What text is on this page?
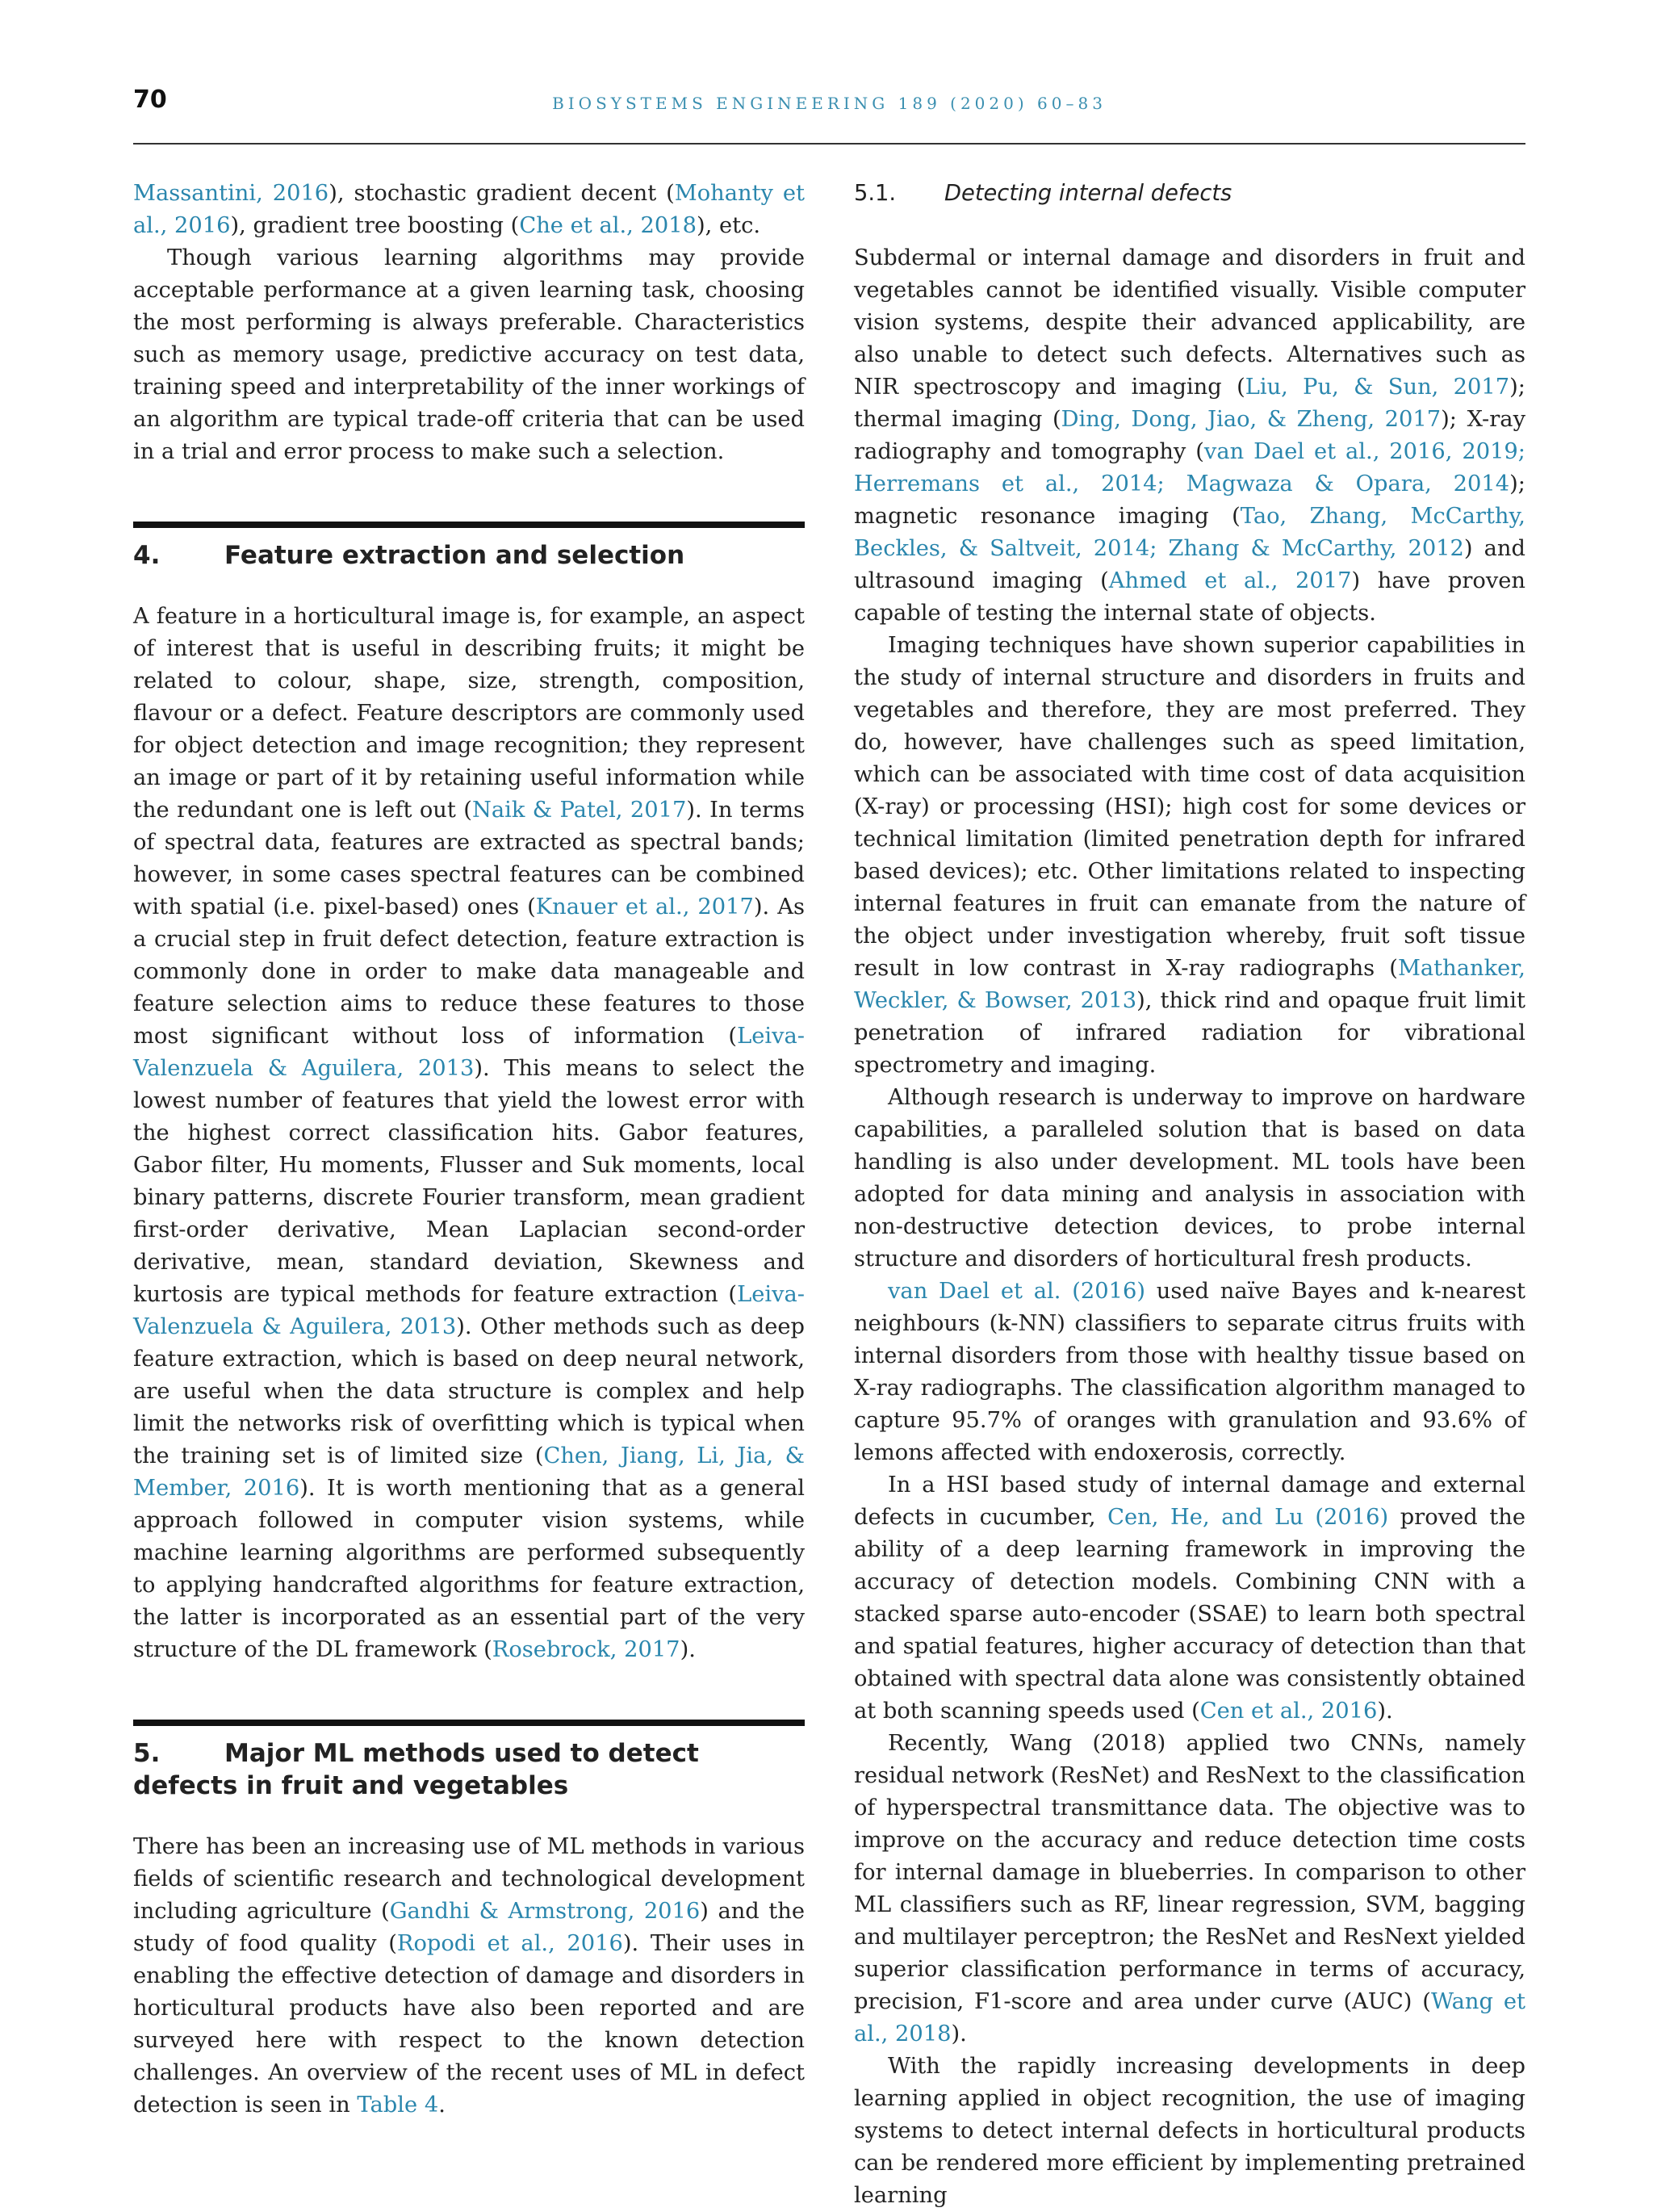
70	BIOSYSTEMS ENGINEERING 189 (2020) 60–83

Massantini, 2016), stochastic gradient decent (Mohanty et al., 2016), gradient tree boosting (Che et al., 2018), etc.

Though various learning algorithms may provide acceptable performance at a given learning task, choosing the most performing is always preferable. Characteristics such as memory usage, predictive accuracy on test data, training speed and interpretability of the inner workings of an algorithm are typical trade-off criteria that can be used in a trial and error process to make such a selection.

4.	Feature extraction and selection

A feature in a horticultural image is, for example, an aspect of interest that is useful in describing fruits; it might be related to colour, shape, size, strength, composition, flavour or a defect. Feature descriptors are commonly used for object detection and image recognition; they represent an image or part of it by retaining useful information while the redundant one is left out (Naik & Patel, 2017). In terms of spectral data, features are extracted as spectral bands; however, in some cases spectral features can be combined with spatial (i.e. pixel-based) ones (Knauer et al., 2017). As a crucial step in fruit defect detection, feature extraction is commonly done in order to make data manageable and feature selection aims to reduce these features to those most significant without loss of information (Leiva-Valenzuela & Aguilera, 2013). This means to select the lowest number of features that yield the lowest error with the highest correct classification hits. Gabor features, Gabor filter, Hu moments, Flusser and Suk moments, local binary patterns, discrete Fourier transform, mean gradient first-order derivative, Mean Laplacian second-order derivative, mean, standard deviation, Skewness and kurtosis are typical methods for feature extraction (Leiva-Valenzuela & Aguilera, 2013). Other methods such as deep feature extraction, which is based on deep neural network, are useful when the data structure is complex and help limit the networks risk of overfitting which is typical when the training set is of limited size (Chen, Jiang, Li, Jia, & Member, 2016). It is worth mentioning that as a general approach followed in computer vision systems, while machine learning algorithms are performed subsequently to applying handcrafted algorithms for feature extraction, the latter is incorporated as an essential part of the very structure of the DL framework (Rosebrock, 2017).

5.	Major ML methods used to detect defects in fruit and vegetables

There has been an increasing use of ML methods in various fields of scientific research and technological development including agriculture (Gandhi & Armstrong, 2016) and the study of food quality (Ropodi et al., 2016). Their uses in enabling the effective detection of damage and disorders in horticultural products have also been reported and are surveyed here with respect to the known detection challenges. An overview of the recent uses of ML in defect detection is seen in Table 4.

5.1.	Detecting internal defects

Subdermal or internal damage and disorders in fruit and vegetables cannot be identified visually. Visible computer vision systems, despite their advanced applicability, are also unable to detect such defects. Alternatives such as NIR spectroscopy and imaging (Liu, Pu, & Sun, 2017); thermal imaging (Ding, Dong, Jiao, & Zheng, 2017); X-ray radiography and tomography (van Dael et al., 2016, 2019; Herremans et al., 2014; Magwaza & Opara, 2014); magnetic resonance imaging (Tao, Zhang, McCarthy, Beckles, & Saltveit, 2014; Zhang & McCarthy, 2012) and ultrasound imaging (Ahmed et al., 2017) have proven capable of testing the internal state of objects.

Imaging techniques have shown superior capabilities in the study of internal structure and disorders in fruits and vegetables and therefore, they are most preferred. They do, however, have challenges such as speed limitation, which can be associated with time cost of data acquisition (X-ray) or processing (HSI); high cost for some devices or technical limitation (limited penetration depth for infrared based devices); etc. Other limitations related to inspecting internal features in fruit can emanate from the nature of the object under investigation whereby, fruit soft tissue result in low contrast in X-ray radiographs (Mathanker, Weckler, & Bowser, 2013), thick rind and opaque fruit limit penetration of infrared radiation for vibrational spectrometry and imaging.

Although research is underway to improve on hardware capabilities, a paralleled solution that is based on data handling is also under development. ML tools have been adopted for data mining and analysis in association with non-destructive detection devices, to probe internal structure and disorders of horticultural fresh products.

van Dael et al. (2016) used naïve Bayes and k-nearest neighbours (k-NN) classifiers to separate citrus fruits with internal disorders from those with healthy tissue based on X-ray radiographs. The classification algorithm managed to capture 95.7% of oranges with granulation and 93.6% of lemons affected with endoxerosis, correctly.

In a HSI based study of internal damage and external defects in cucumber, Cen, He, and Lu (2016) proved the ability of a deep learning framework in improving the accuracy of detection models. Combining CNN with a stacked sparse auto-encoder (SSAE) to learn both spectral and spatial features, higher accuracy of detection than that obtained with spectral data alone was consistently obtained at both scanning speeds used (Cen et al., 2016).

Recently, Wang (2018) applied two CNNs, namely residual network (ResNet) and ResNext to the classification of hyperspectral transmittance data. The objective was to improve on the accuracy and reduce detection time costs for internal damage in blueberries. In comparison to other ML classifiers such as RF, linear regression, SVM, bagging and multilayer perceptron; the ResNet and ResNext yielded superior classification performance in terms of accuracy, precision, F1-score and area under curve (AUC) (Wang et al., 2018).

With the rapidly increasing developments in deep learning applied in object recognition, the use of imaging systems to detect internal defects in horticultural products can be rendered more efficient by implementing pretrained learning
